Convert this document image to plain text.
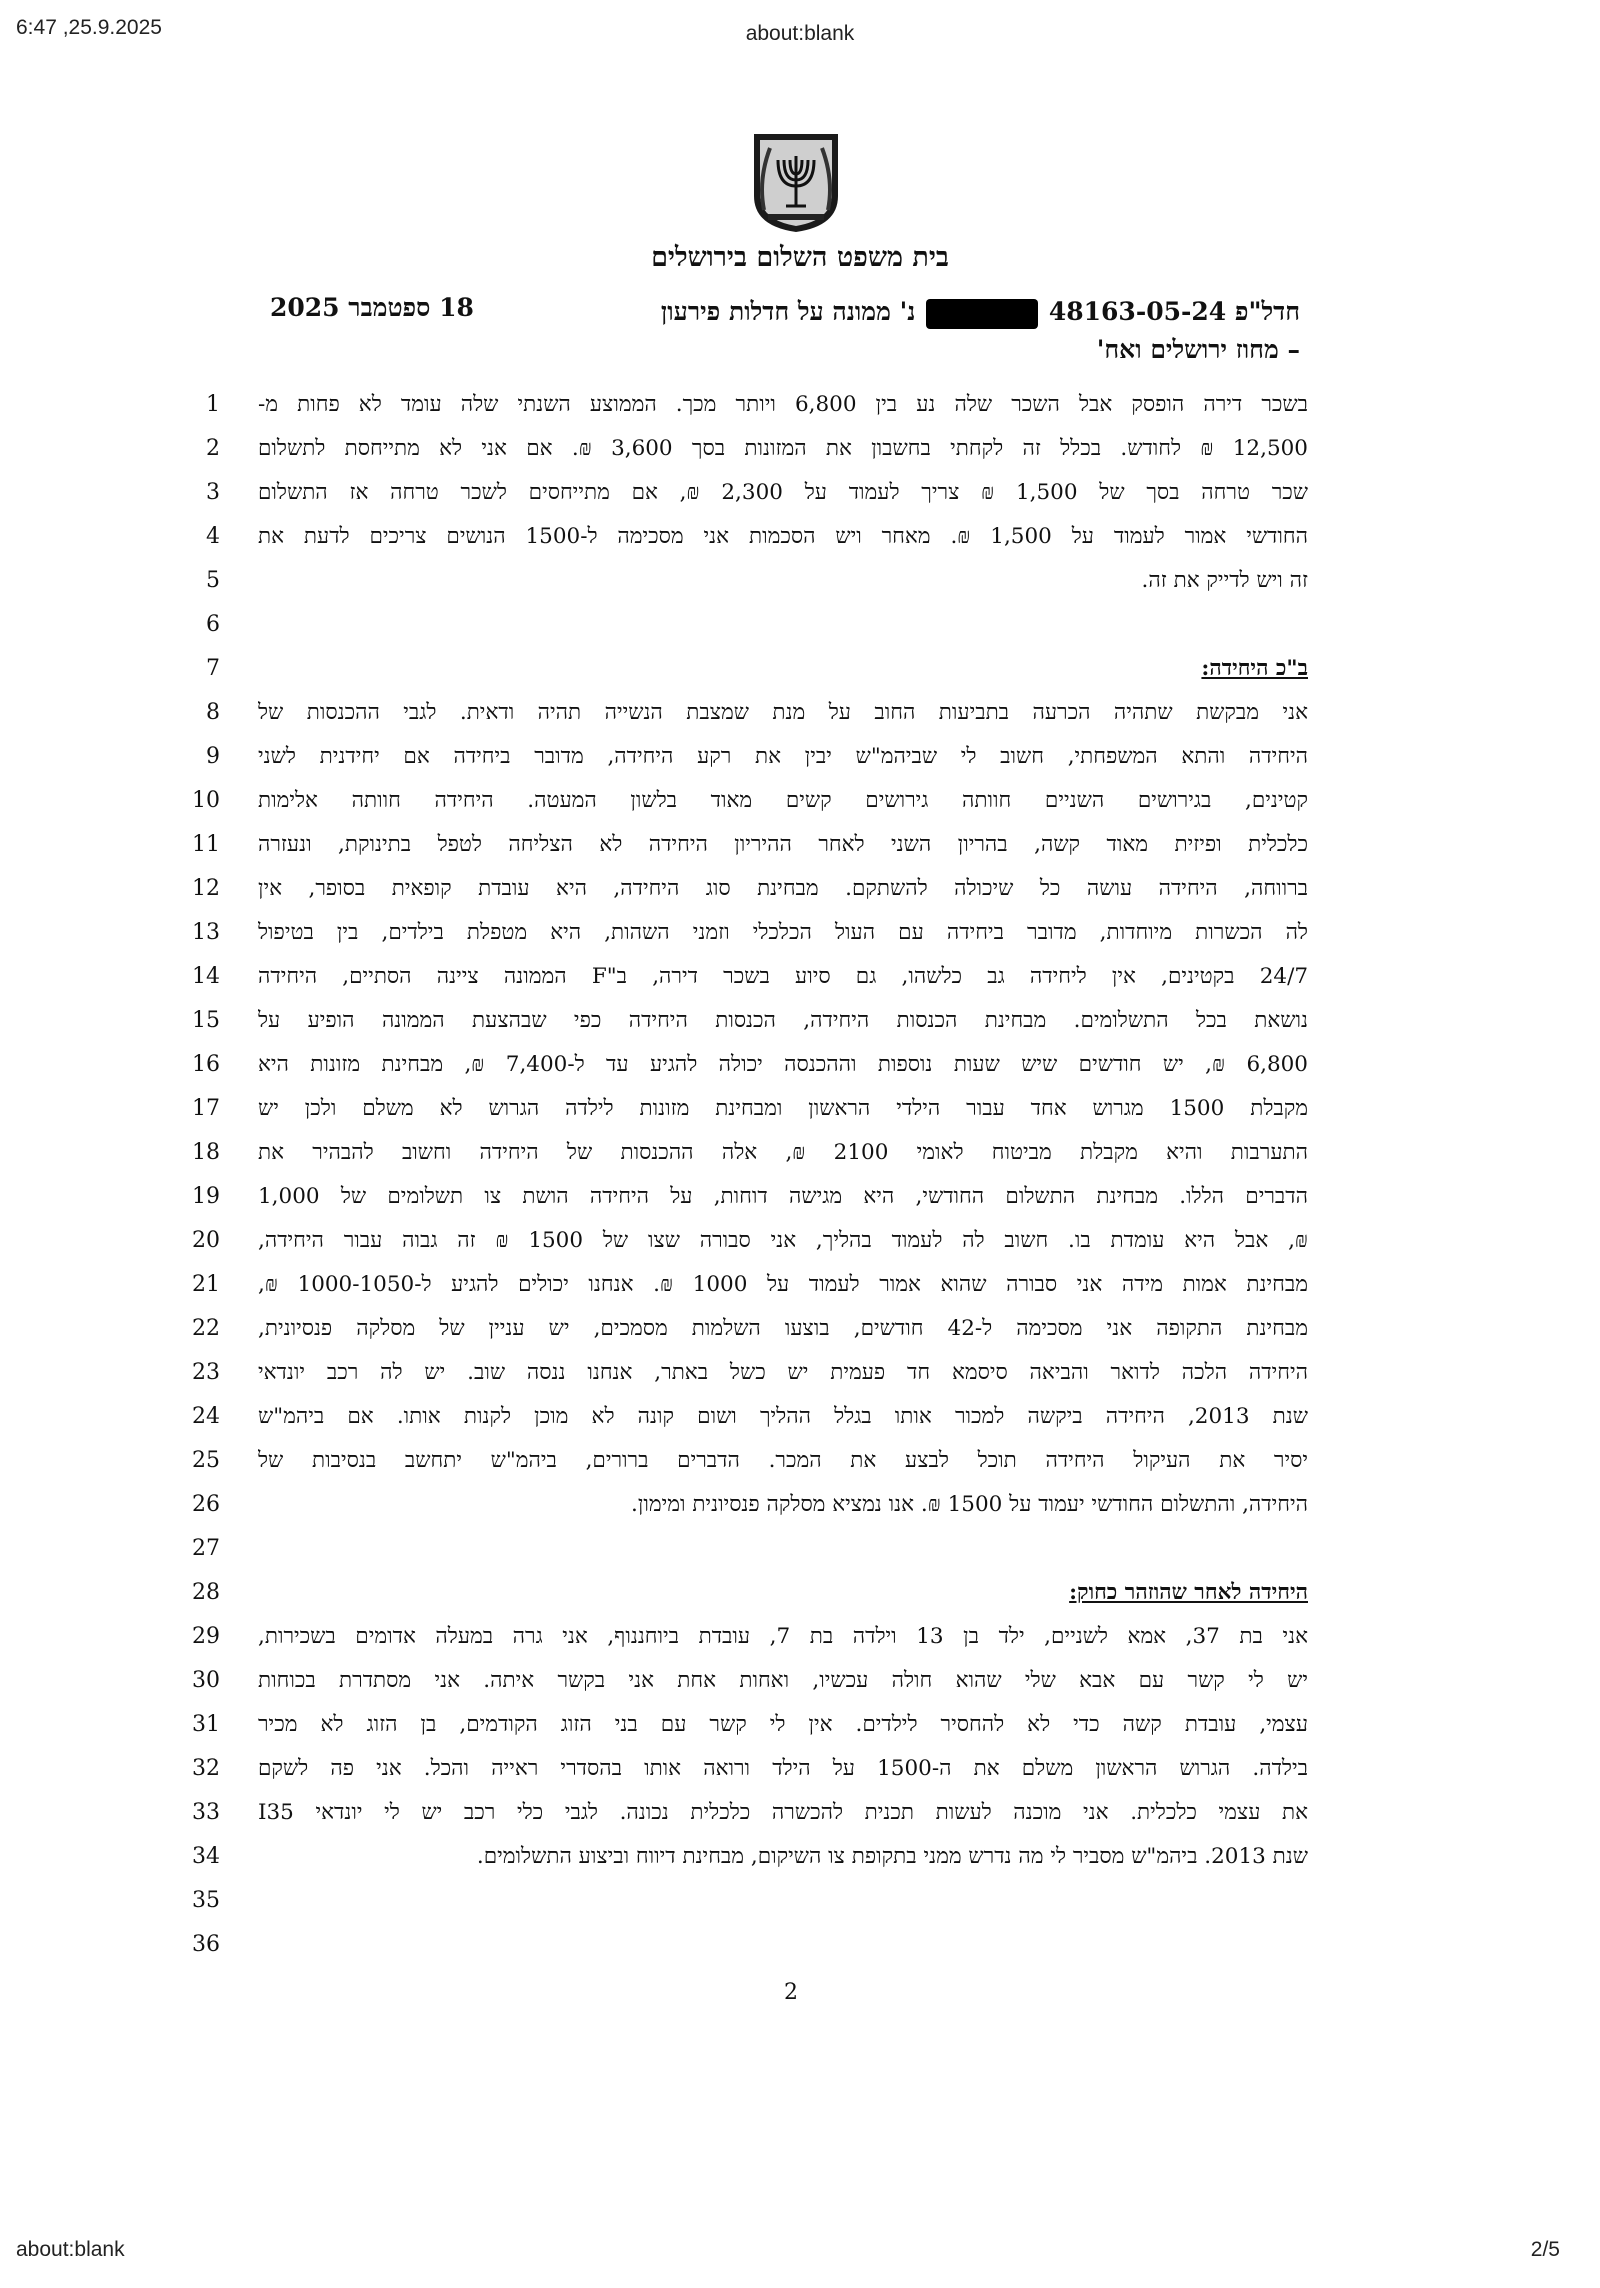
6:47 ,25.9.2025	about:blank
בית משפט השלום בירושלים
חדל"פ 48163-05-24  נ' ממונה על חדלות פירעון
– מחוז ירושלים ואח'
18 ספטמבר 2025
1 בשכר דירה הופסק אבל השכר שלה נע בין 6,800 ויותר מכך. הממוצע השנתי שלה עומד לא פחות מ-
2 12,500 ₪ לחודש. בכלל זה לקחתי בחשבון את המזונות בסך 3,600 ₪. אם אני לא מתייחסת לתשלום
3 שכר טרחה בסך של 1,500 ₪ צריך לעמוד על 2,300 ₪, אם מתייחסים לשכר טרחה אז התשלום
4 החודשי אמור לעמוד על 1,500 ₪. מאחר ויש הסכמות אני מסכימה ל-1500 הנושים צריכים לדעת את
5	זה ויש לדייק את זה.
6
7	ב"כ היחידה:
8 אני מבקשת שתהיה הכרעה בתביעות החוב על מנת שמצבת הנשייה תהיה ודאית. לגבי ההכנסות של
9 היחידה והתא המשפחתי, חשוב לי שביהמ"ש יבין את רקע היחידה, מדובר ביחידה אם יחידנית לשני
10 קטינים, בגירושים השניים חוותה גירושים קשים מאוד בלשון המעטה. היחידה חוותה אלימות
11 כלכלית ופיזית מאוד קשה, בהריון השני לאחר ההיריון היחידה לא הצליחה לטפל בתינוקת, ונעזרה
12 ברווחה, היחידה עושה כל שיכולה להשתקם. מבחינת סוג היחידה, היא עובדת קופאית בסופר, אין
13 לה הכשרות מיוחדות, מדובר ביחידה עם העול הכלכלי וזמני השהות, היא מטפלת בילדים, בין בטיפול
14 24/7 בקטינים, אין ליחידה גב כלשהו, גם סיוע בשכר דירה, ב"F הממונה ציינה הסתיים, היחידה
15 נושאת בכל התשלומים. מבחינת הכנסות היחידה, הכנסות היחידה כפי שבהצעת הממונה הופיע על
16 6,800 ₪, יש חודשים שיש שעות נוספות וההכנסה יכולה להגיע עד ל-7,400 ₪, מבחינת מזונות היא
17 מקבלת 1500 מגרוש אחד עבור הילדי הראשון ומבחינת מזונות לילדה הגרוש לא משלם ולכן יש
18 התערבות והיא מקבלת מביטוח לאומי 2100 ₪, אלה ההכנסות של היחידה וחשוב להבהיר את
19 הדברים הללו. מבחינת התשלום החודשי, היא מגישה דוחות, על היחידה הושת צו תשלומים של 1,000
20 ₪, אבל היא עומדת בו. חשוב לה לעמוד בהליך, אני סבורה שצו של 1500 ₪ זה גבוה עבור היחידה,
21 מבחינת אמות מידה אני סבורה שהוא אמור לעמוד על 1000 ₪. אנחנו יכולים להגיע ל-1000-1050 ₪,
22 מבחינת התקופה אני מסכימה ל-42 חודשים, בוצעו השלמות מסמכים, יש עניין של מסלקה פנסיונית,
23 היחידה הלכה לדואר והביאה סיסמא חד פעמית יש כשל באתר, אנחנו ננסה שוב. יש לה רכב יונדאי
24 שנת 2013, היחידה ביקשה למכור אותו בגלל ההליך ושום קונה לא מוכן לקנות אותו. אם ביהמ"ש
25 יסיר את העיקול היחידה תוכל לבצע את המכר. הדברים ברורים, ביהמ"ש יתחשב בנסיבות של
26	היחידה, והתשלום החודשי יעמוד על 1500 ₪. אנו נמציא מסלקה פנסיונית ומימון.
27
28	היחידה לאחר שהוזהר כחוק:
29 אני בת 37, אמא לשניים, ילד בן 13 וילדה בת 7, עובדת ביוחננוף, אני גרה במעלה אדומים בשכירות,
30 יש לי קשר עם אבא שלי שהוא חולה עכשיו, ואחות אחת אני בקשר איתה. אני מסתדרת בכוחות
31 עצמי, עובדת קשה כדי לא להחסיר לילדים. אין לי קשר עם בני הזוג הקודמים, בן הזוג לא מכיר
32 בילדה. הגרוש הראשון משלם את ה-1500 על הילד ורואה אותו בהסדרי ראייה והכל. אני פה לשקם
33 את עצמי כלכלית. אני מוכנה לעשות תכנית להכשרה כלכלית נכונה. לגבי כלי רכב יש לי יונדאי I35
34	שנת 2013. ביהמ"ש מסביר לי מה נדרש ממני בתקופת צו השיקום, מבחינת דיווח וביצוע התשלומים.
35
36
2
about:blank	2/5
